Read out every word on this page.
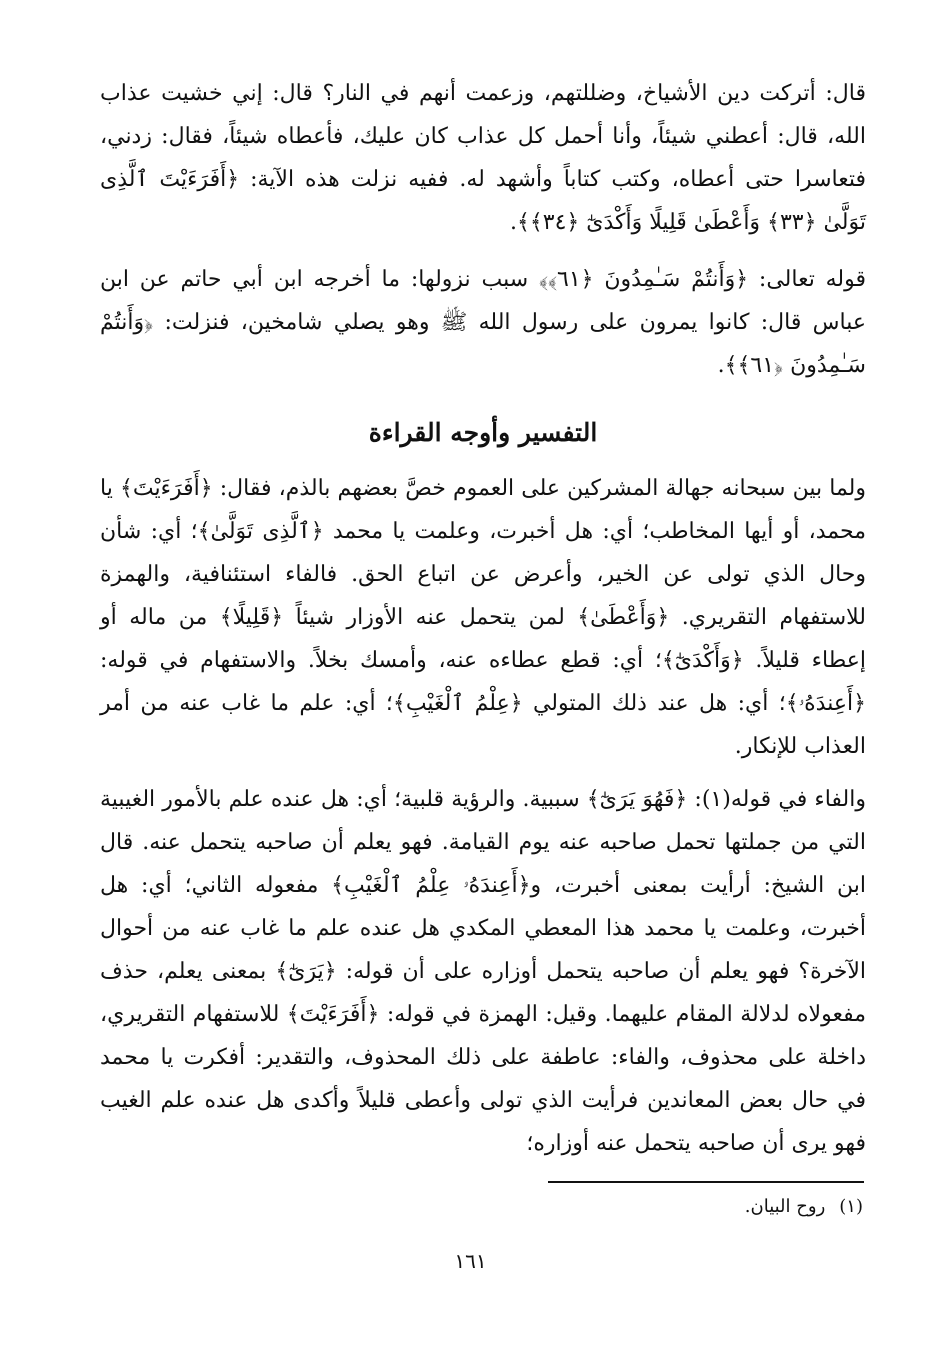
قال: أتركت دين الأشياخ، وضللتهم، وزعمت أنهم في النار؟ قال: إني خشيت عذاب الله، قال: أعطني شيئاً، وأنا أحمل كل عذاب كان عليك، فأعطاه شيئاً، فقال: زدني، فتعاسرا حتى أعطاه، وكتب كتاباً وأشهد له. ففيه نزلت هذه الآية: ﴿أَفَرَءَيْتَ ٱلَّذِى تَوَلَّىٰ ﴿٣٣﴾ وَأَعْطَىٰ قَلِيلًا وَأَكْدَىٰٓ ﴿٣٤﴾﴾.

قوله تعالى: ﴿وَأَنتُمْ سَـٰمِدُونَ ﴿٦١﴾﴾ سبب نزولها: ما أخرجه ابن أبي حاتم عن ابن عباس قال: كانوا يمرون على رسول الله ﷺ وهو يصلي شامخين، فنزلت: ﴿وَأَنتُمْ سَـٰمِدُونَ ﴿٦١﴾﴾.

التفسير وأوجه القراءة

ولما بين سبحانه جهالة المشركين على العموم خصَّ بعضهم بالذم، فقال: ﴿أَفَرَءَيْتَ﴾ يا محمد، أو أيها المخاطب؛ أي: هل أخبرت، وعلمت يا محمد ﴿ٱلَّذِى تَوَلَّىٰ﴾؛ أي: شأن وحال الذي تولى عن الخير، وأعرض عن اتباع الحق. فالفاء استئنافية، والهمزة للاستفهام التقريري. ﴿وَأَعْطَىٰ﴾ لمن يتحمل عنه الأوزار شيئاً ﴿قَلِيلًا﴾ من ماله أو إعطاء قليلاً. ﴿وَأَكْدَىٰٓ﴾؛ أي: قطع عطاءه عنه، وأمسك بخلاً. والاستفهام في قوله: ﴿أَعِندَهُۥ﴾؛ أي: هل عند ذلك المتولي ﴿عِلْمُ ٱلْغَيْبِ﴾؛ أي: علم ما غاب عنه من أمر العذاب للإنكار.

والفاء في قوله(١): ﴿فَهُوَ يَرَىٰٓ﴾ سببية. والرؤية قلبية؛ أي: هل عنده علم بالأمور الغيبية التي من جملتها تحمل صاحبه عنه يوم القيامة. فهو يعلم أن صاحبه يتحمل عنه. قال ابن الشيخ: أرأيت بمعنى أخبرت، و﴿أَعِندَهُۥ عِلْمُ ٱلْغَيْبِ﴾ مفعوله الثاني؛ أي: هل أخبرت، وعلمت يا محمد هذا المعطي المكدي هل عنده علم ما غاب عنه من أحوال الآخرة؟ فهو يعلم أن صاحبه يتحمل أوزاره على أن قوله: ﴿يَرَىٰٓ﴾ بمعنى يعلم، حذف مفعولاه لدلالة المقام عليهما. وقيل: الهمزة في قوله: ﴿أَفَرَءَيْتَ﴾ للاستفهام التقريري، داخلة على محذوف، والفاء: عاطفة على ذلك المحذوف، والتقدير: أفكرت يا محمد في حال بعض المعاندين فرأيت الذي تولى وأعطى قليلاً وأكدى هل عنده علم الغيب فهو يرى أن صاحبه يتحمل عنه أوزاره؛

(١)روح البيان.
١٦١
